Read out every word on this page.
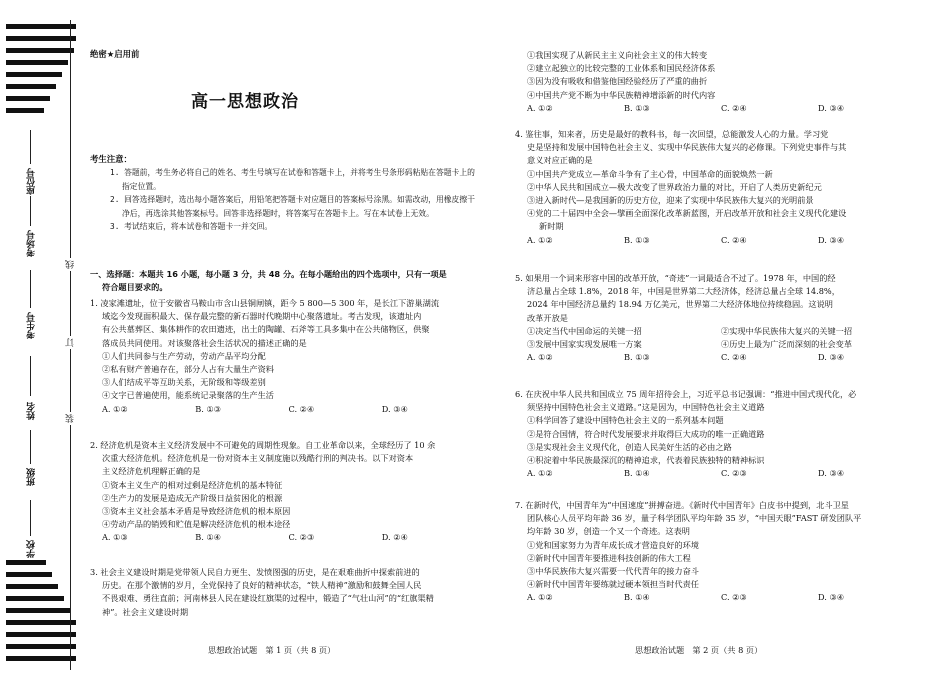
座位号
考场号
考生号
姓名
班级
学校
线
订
装
绝密★启用前
高一思想政治
考生注意：

1. 答题前，考生务必将自己的姓名、考生号填写在试卷和答题卡上，并将考生号条形码粘贴在答题卡上的指定位置。

2. 回答选择题时，选出每小题答案后，用铅笔把答题卡对应题目的答案标号涂黑。如需改动，用橡皮擦干净后，再选涂其他答案标号。回答非选择题时，将答案写在答题卡上。写在本试卷上无效。

3. 考试结束后，将本试卷和答题卡一并交回。

一、选择题：本题共 16 小题，每小题 3 分，共 48 分。在每小题给出的四个选项中，只有一项是

符合题目要求的。

1. 凌家滩遗址，位于安徽省马鞍山市含山县铜闸镇，距今 5 800—5 300 年，是长江下游巢湖流

域迄今发现面积最大、保存最完整的新石器时代晚期中心聚落遗址。考古发现，该遗址内

有公共墓葬区、集体耕作的农田遗迹，出土的陶罐、石斧等工具多集中在公共储物区，供聚

落成员共同使用。对该聚落社会生活状况的描述正确的是

①人们共同参与生产劳动，劳动产品平均分配

②私有财产普遍存在，部分人占有大量生产资料

③人们结成平等互助关系，无阶级和等级差别

④文字已普遍使用，能系统记录聚落的生产生活

A. ①②	B. ①③	C. ②④	D. ③④

2. 经济危机是资本主义经济发展中不可避免的周期性现象。自工业革命以来，全球经历了 10 余

次重大经济危机。经济危机是一份对资本主义制度施以残酷行刑的判决书。以下对资本

主义经济危机理解正确的是

①资本主义生产的相对过剩是经济危机的基本特征

②生产力的发展是造成无产阶级日益贫困化的根源

③资本主义社会基本矛盾是导致经济危机的根本原因

④劳动产品的销毁和贮值是解决经济危机的根本途径

A. ①③	B. ①④	C. ②③	D. ②④

3. 社会主义建设时期是党带领人民自力更生、发愤图强的历史，是在艰难曲折中探索前进的

历史。在那个激情的岁月，全党保持了良好的精神状态，“铁人精神”激励和鼓舞全国人民

不畏艰难、勇往直前；河南林县人民在建设红旗渠的过程中，锻造了“气壮山河”的“红旗渠精

神”。社会主义建设时期

思想政治试题　第 1 页（共 8 页）

①我国实现了从新民主主义向社会主义的伟大转变

②建立起独立的比较完整的工业体系和国民经济体系

③因为没有吸收和借鉴他国经验经历了严重的曲折

④中国共产党不断为中华民族精神增添新的时代内容

A. ①②	B. ①③	C. ②④	D. ③④

4. 鉴往事，知来者，历史是最好的教科书，每一次回望，总能激发人心的力量。学习党

史是坚持和发展中国特色社会主义、实现中华民族伟大复兴的必修课。下列党史事件与其

意义对应正确的是

①中国共产党成立—革命斗争有了主心骨，中国革命的面貌焕然一新

②中华人民共和国成立—极大改变了世界政治力量的对比，开启了人类历史新纪元

③进入新时代—是我国新的历史方位，迎来了实现中华民族伟大复兴的光明前景

④党的二十届四中全会—擘画全面深化改革新蓝图，开启改革开放和社会主义现代化建设

新时期

A. ①②	B. ①③	C. ②④	D. ③④

5. 如果用一个词来形容中国的改革开放，“奇迹”一词最适合不过了。1978 年，中国的经

济总量占全球 1.8%，2018 年，中国是世界第二大经济体，经济总量占全球 14.8%，

2024 年中国经济总量约 18.94 万亿美元，世界第二大经济体地位持续稳固。这说明

改革开放是

①决定当代中国命运的关键一招	②实现中华民族伟大复兴的关键一招
③发展中国家实现发展唯一方案	④历史上最为广泛而深刻的社会变革
A. ①②	B. ①③	C. ②④	D. ③④

6. 在庆祝中华人民共和国成立 75 周年招待会上，习近平总书记强调：“推进中国式现代化，必

须坚持中国特色社会主义道路。”这是因为，中国特色社会主义道路

①科学回答了建设中国特色社会主义的一系列基本问题

②是符合国情，符合时代发展要求并取得巨大成功的唯一正确道路

③是实现社会主义现代化，创造人民美好生活的必由之路

④积淀着中华民族最深沉的精神追求，代表着民族独特的精神标识

A. ①②	B. ①④	C. ②③	D. ③④

7. 在新时代，中国青年为“中国速度”拼搏奋进。《新时代中国青年》白皮书中提到，北斗卫星

团队核心人员平均年龄 36 岁，量子科学团队平均年龄 35 岁，“中国天眼”FAST 研发团队平

均年龄 30 岁，创造一个又一个奇迹。这表明

①党和国家努力为青年成长成才营造良好的环境

②新时代中国青年要推进科技创新的伟大工程

③中华民族伟大复兴需要一代代青年的接力奋斗

④新时代中国青年要练就过硬本领担当时代责任

A. ①②	B. ①④	C. ②③	D. ③④
思想政治试题　第 2 页（共 8 页）
